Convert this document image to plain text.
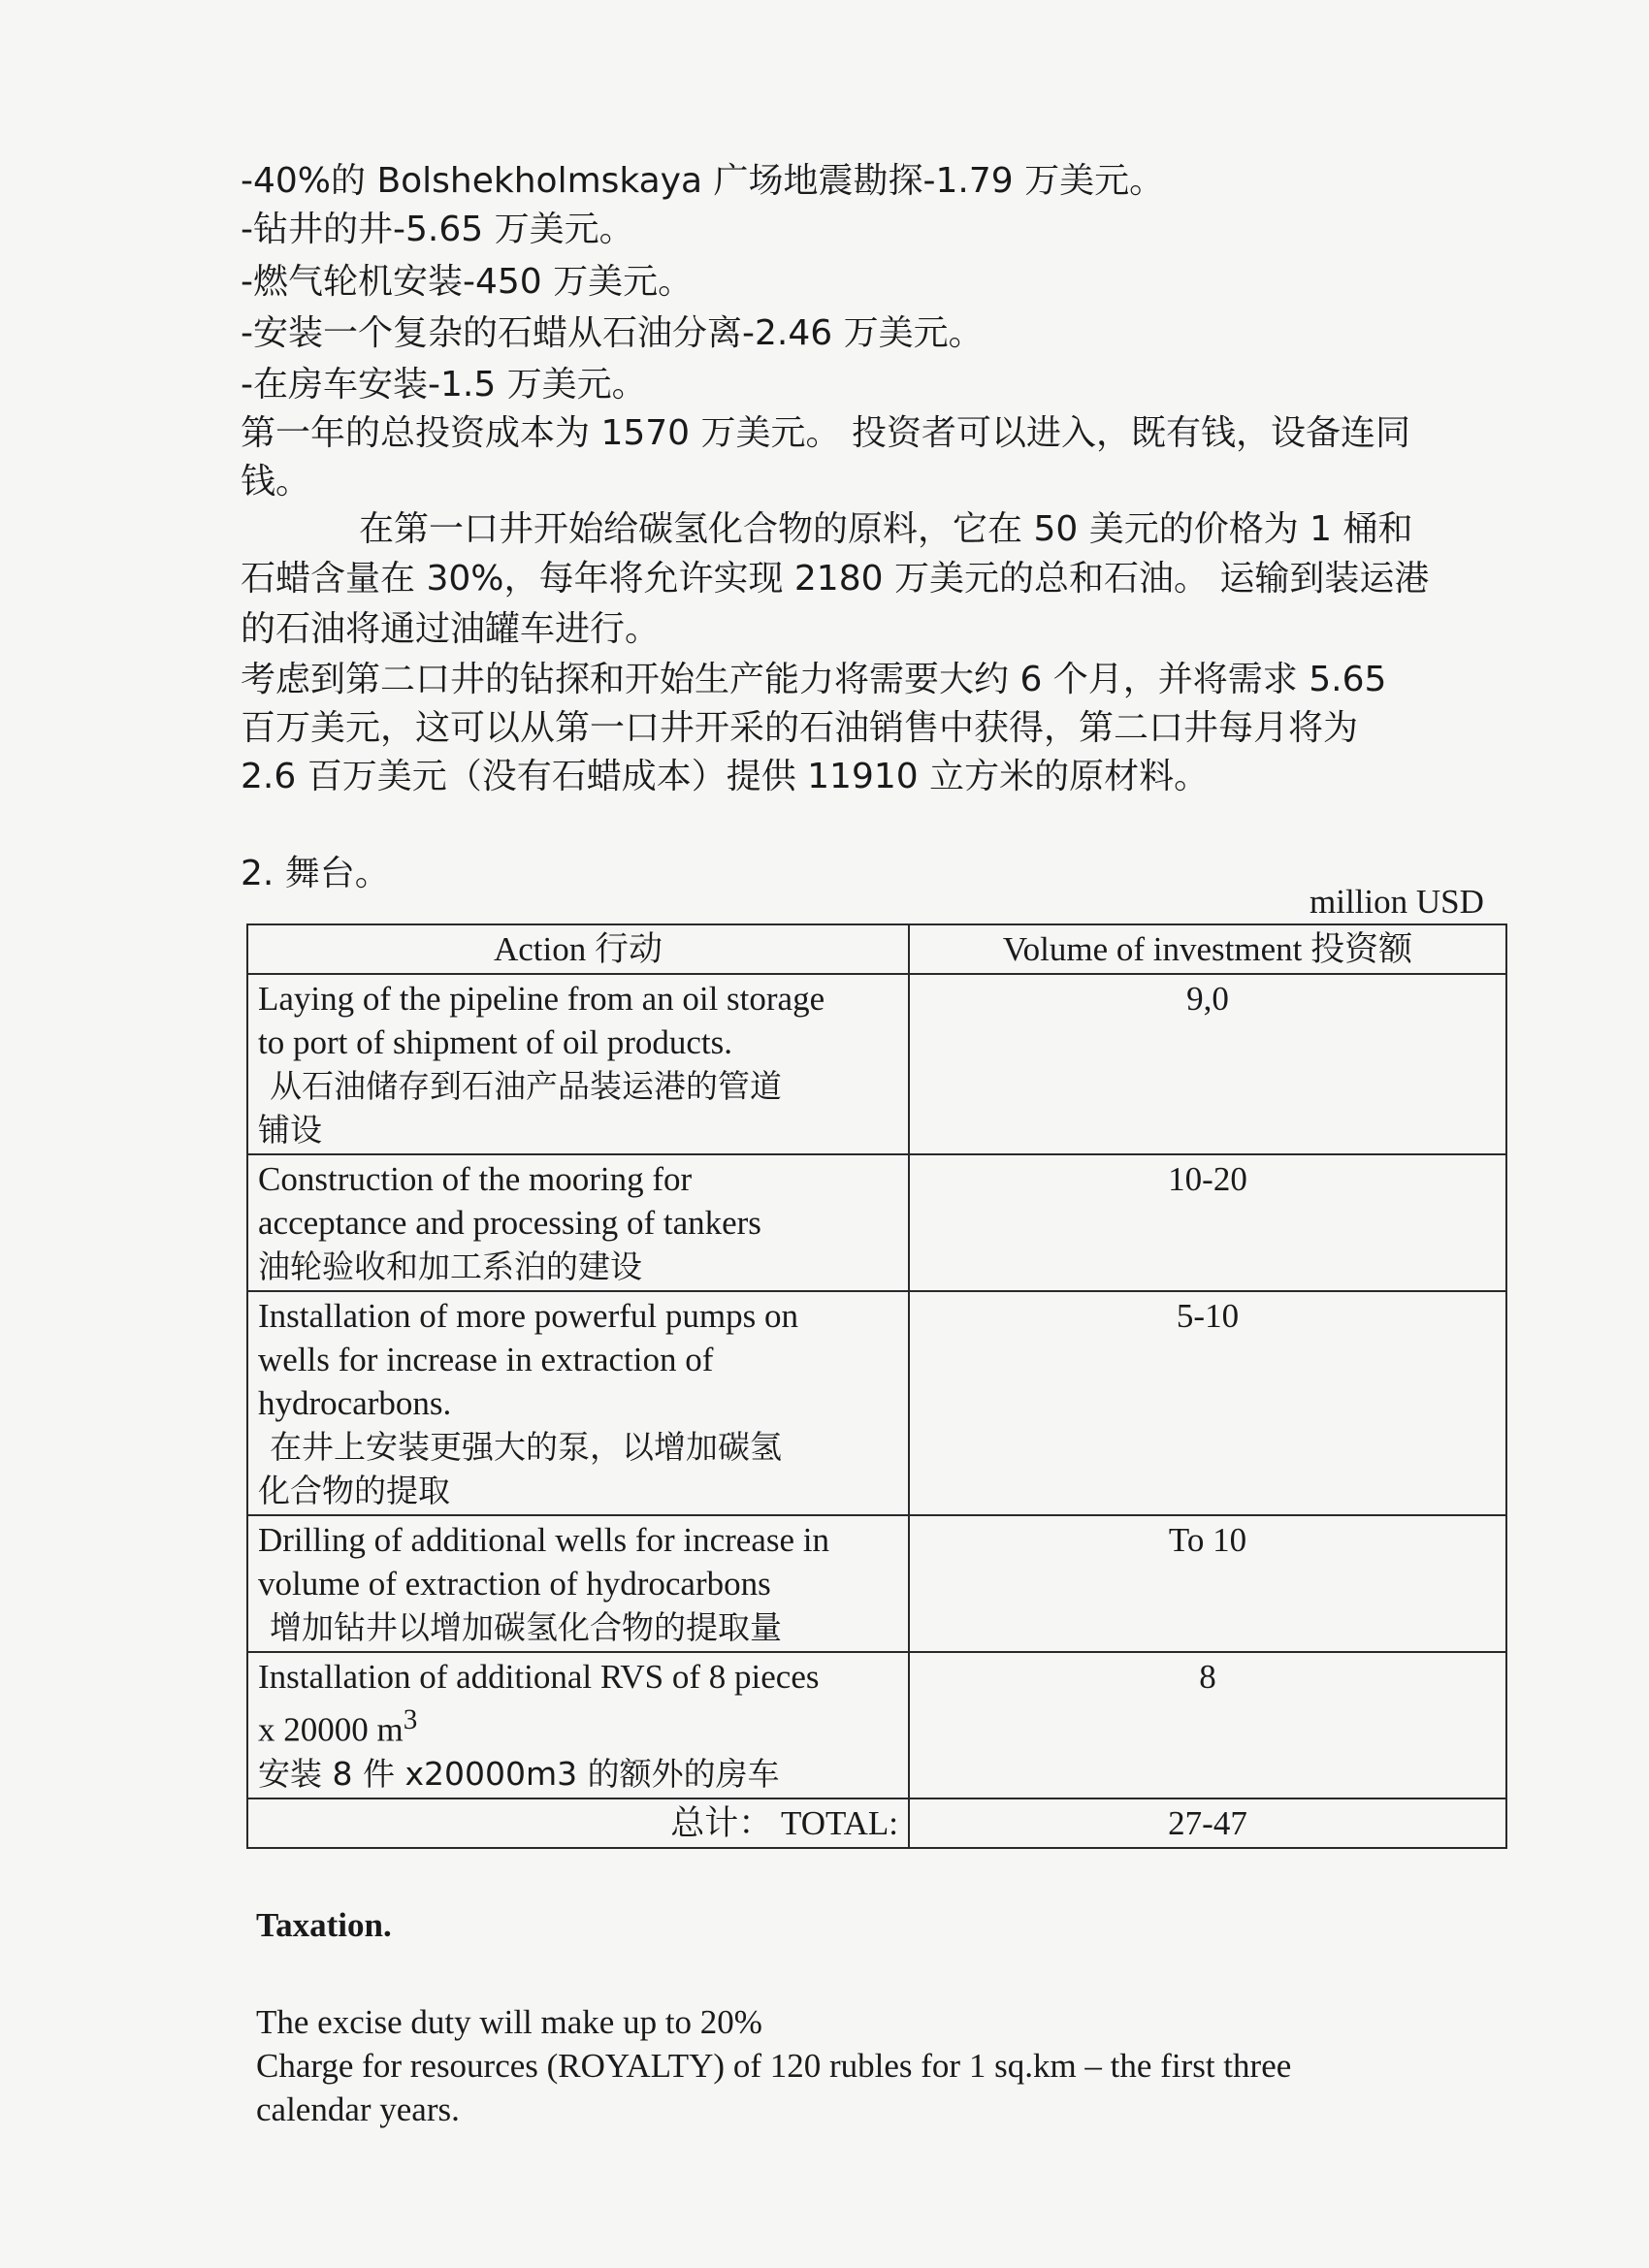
-40%的 Bolshekholmskaya 广场地震勘探-1.79 万美元。
-钻井的井-5.65 万美元。
-燃气轮机安装-450 万美元。
-安装一个复杂的石蜡从石油分离-2.46 万美元。
-在房车安装-1.5 万美元。
第一年的总投资成本为 1570 万美元。 投资者可以进入，既有钱，设备连同
钱。
在第一口井开始给碳氢化合物的原料，它在 50 美元的价格为 1 桶和
石蜡含量在 30%，每年将允许实现 2180 万美元的总和石油。 运输到装运港
的石油将通过油罐车进行。
考虑到第二口井的钻探和开始生产能力将需要大约 6 个月，并将需求 5.65
百万美元，这可以从第一口井开采的石油销售中获得，第二口井每月将为
2.6 百万美元（没有石蜡成本）提供 11910 立方米的原材料。
2. 舞台。
million USD
Action 行动	Volume of investment 投资额

Laying of the pipeline from an oil storage
to port of shipment of oil products.
从石油储存到石油产品装运港的管道
铺设	9,0

Construction of the mooring for
acceptance and processing of tankers
油轮验收和加工系泊的建设	10-20

Installation of more powerful pumps on
wells for increase in extraction of
hydrocarbons.
在井上安装更强大的泵，以增加碳氢
化合物的提取	5-10

Drilling of additional wells for increase in
volume of extraction of hydrocarbons
增加钻井以增加碳氢化合物的提取量	To 10

Installation of additional RVS of 8 pieces
x 20000 $m^3$
安装 8 件 x20000m3 的额外的房车	8
总计： TOTAL:	27-47
Taxation.
The excise duty will make up to 20%
Charge for resources (ROYALTY) of 120 rubles for 1 sq.km – the first three
calendar years.
